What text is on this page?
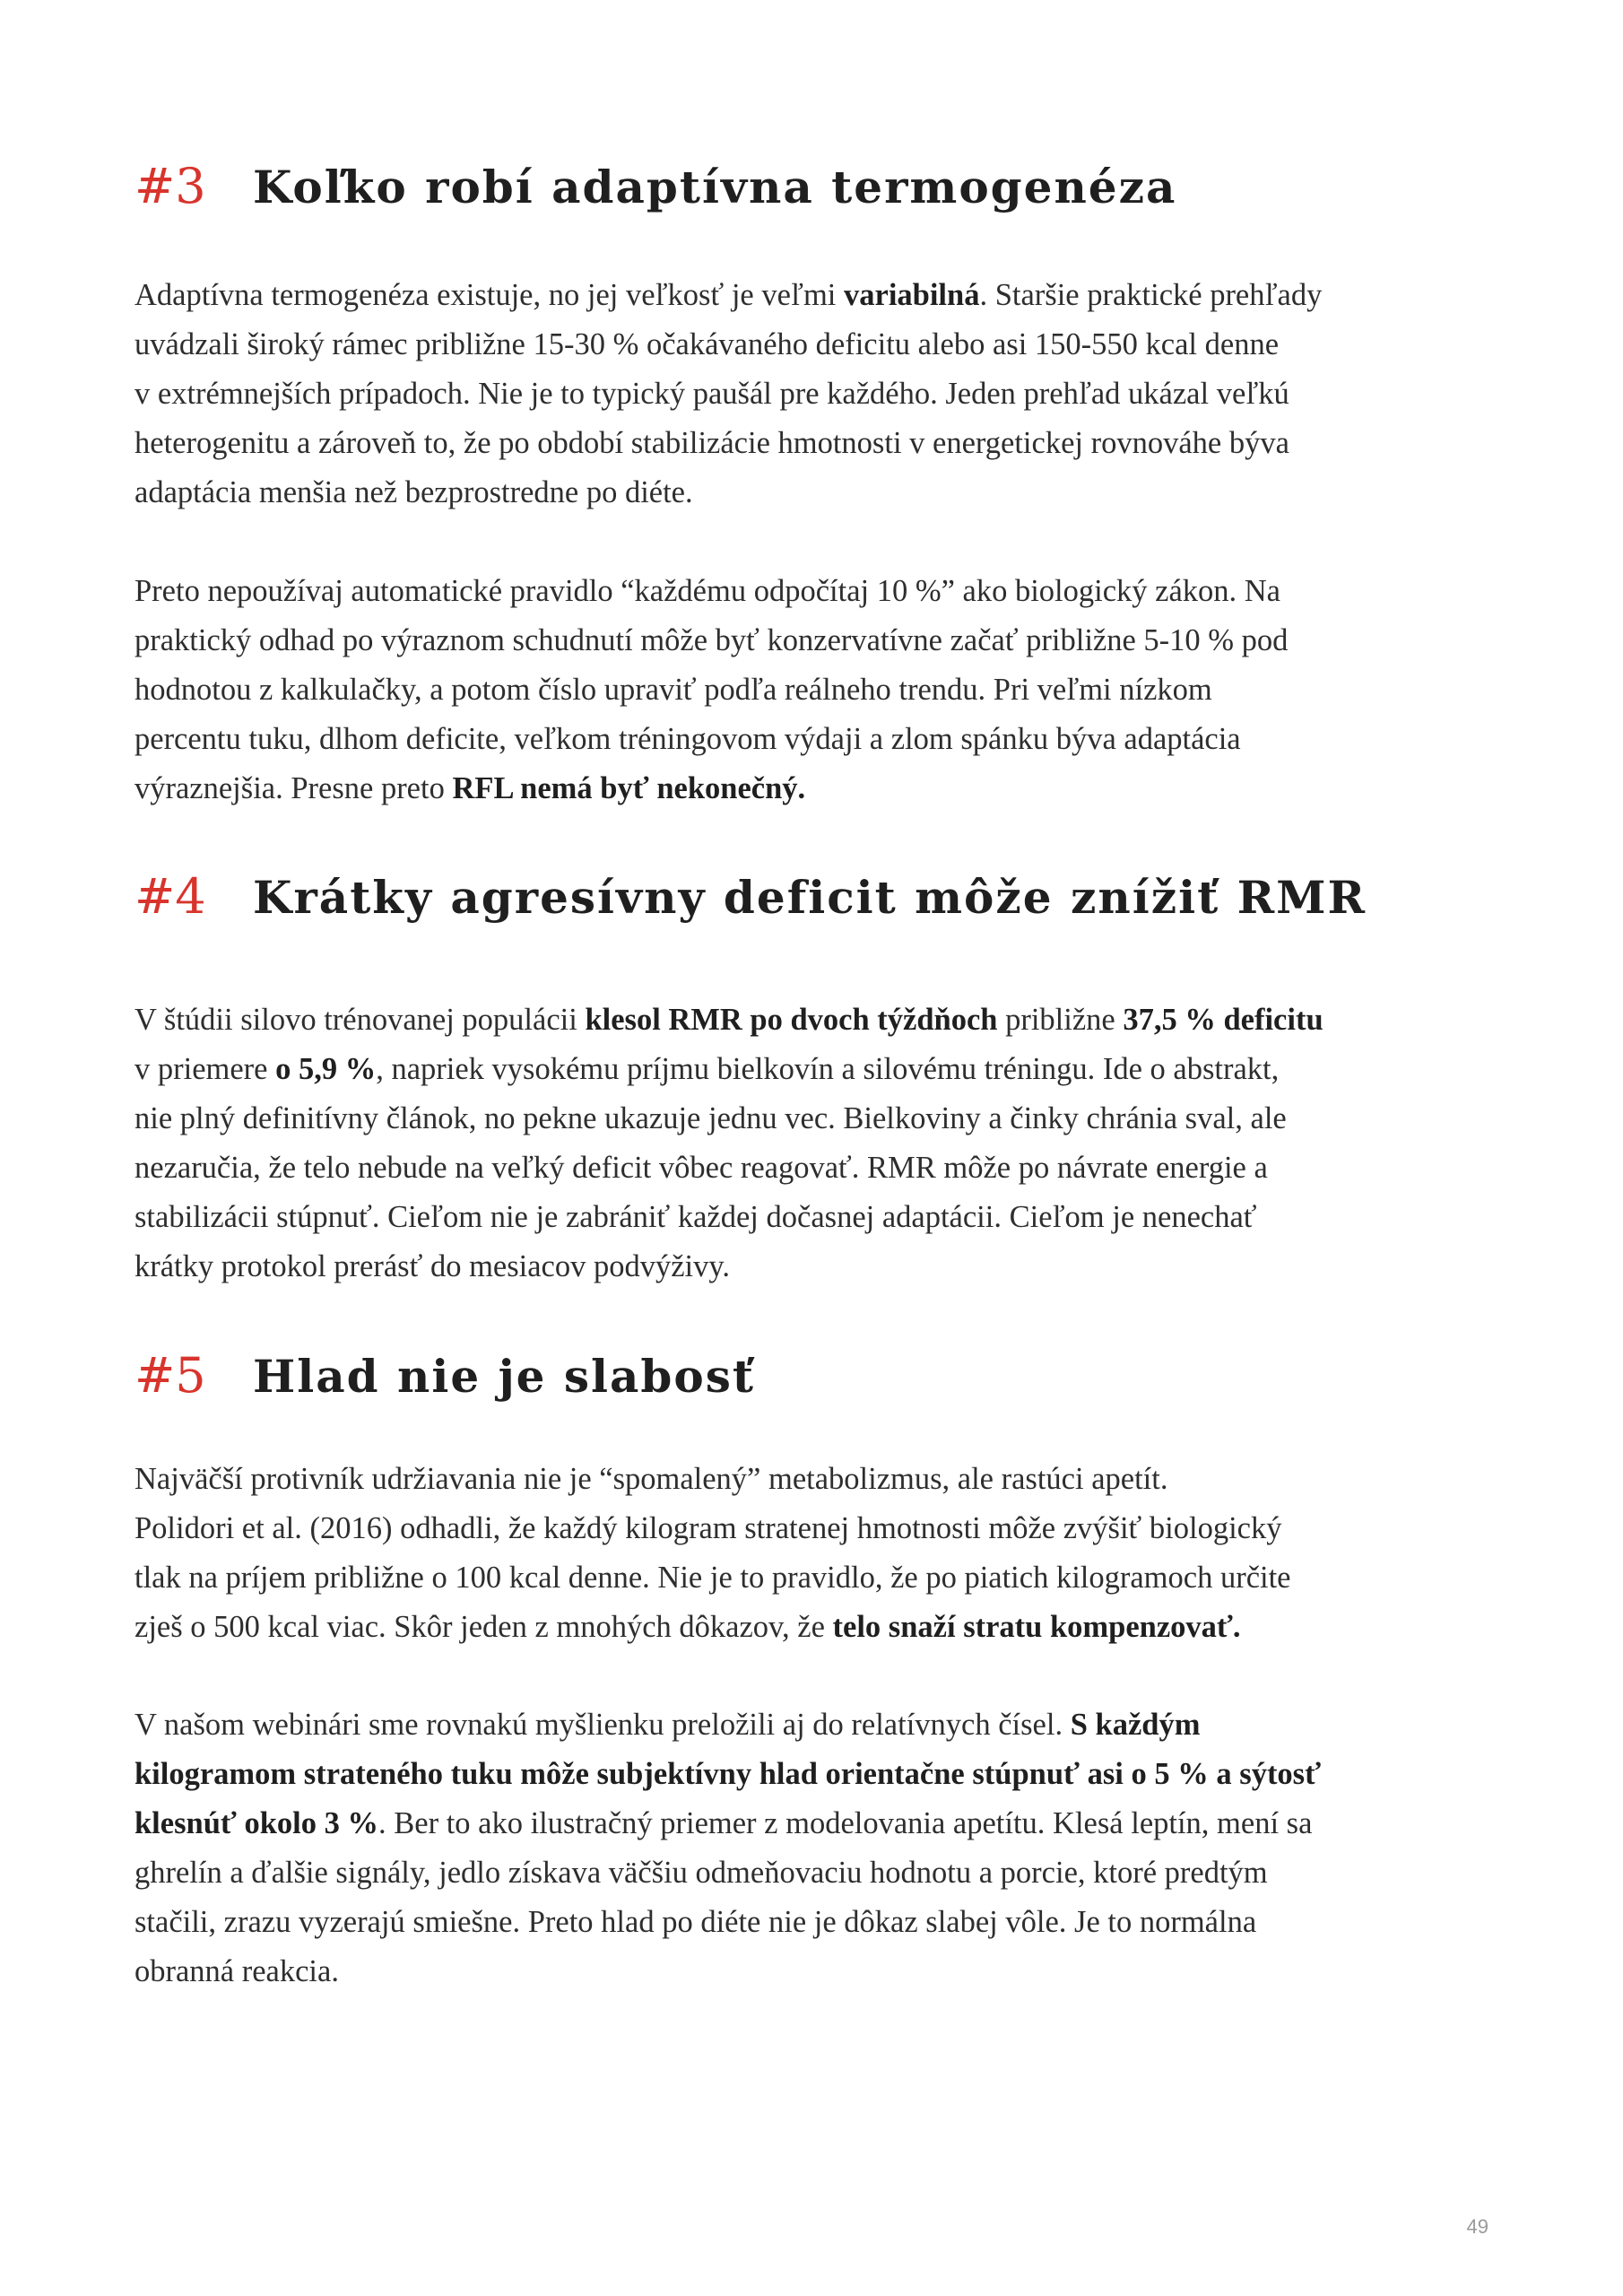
#3	Koľko robí adaptívna termogenéza

Adaptívna termogenéza existuje, no jej veľkosť je veľmi variabilná. Staršie praktické prehľady
uvádzali široký rámec približne 15-30 % očakávaného deficitu alebo asi 150-550 kcal denne
v extrémnejších prípadoch. Nie je to typický paušál pre každého. Jeden prehľad ukázal veľkú
heterogenitu a zároveň to, že po období stabilizácie hmotnosti v energetickej rovnováhe býva
adaptácia menšia než bezprostredne po diéte.

Preto nepoužívaj automatické pravidlo “každému odpočítaj 10 %” ako biologický zákon. Na
praktický odhad po výraznom schudnutí môže byť konzervatívne začať približne 5-10 % pod
hodnotou z kalkulačky, a potom číslo upraviť podľa reálneho trendu. Pri veľmi nízkom
percentu tuku, dlhom deficite, veľkom tréningovom výdaji a zlom spánku býva adaptácia
výraznejšia. Presne preto RFL nemá byť nekonečný.

#4	Krátky agresívny deficit môže znížiť RMR

V štúdii silovo trénovanej populácii klesol RMR po dvoch týždňoch približne 37,5 % deficitu
v priemere o 5,9 %, napriek vysokému príjmu bielkovín a silovému tréningu. Ide o abstrakt,
nie plný definitívny článok, no pekne ukazuje jednu vec. Bielkoviny a činky chránia sval, ale
nezaručia, že telo nebude na veľký deficit vôbec reagovať. RMR môže po návrate energie a
stabilizácii stúpnuť. Cieľom nie je zabrániť každej dočasnej adaptácii. Cieľom je nenechať
krátky protokol prerásť do mesiacov podvýživy.

#5	Hlad nie je slabosť

Najväčší protivník udržiavania nie je “spomalený” metabolizmus, ale rastúci apetít.
Polidori et al. (2016) odhadli, že každý kilogram stratenej hmotnosti môže zvýšiť biologický
tlak na príjem približne o 100 kcal denne. Nie je to pravidlo, že po piatich kilogramoch určite
zješ o 500 kcal viac. Skôr jeden z mnohých dôkazov, že telo snaží stratu kompenzovať.

V našom webinári sme rovnakú myšlienku preložili aj do relatívnych čísel. S každým
kilogramom strateného tuku môže subjektívny hlad orientačne stúpnuť asi o 5 % a sýtosť
klesnúť okolo 3 %. Ber to ako ilustračný priemer z modelovania apetítu. Klesá leptín, mení sa
ghrelín a ďalšie signály, jedlo získava väčšiu odmeňovaciu hodnotu a porcie, ktoré predtým
stačili, zrazu vyzerajú smiešne. Preto hlad po diéte nie je dôkaz slabej vôle. Je to normálna
obranná reakcia.

49
